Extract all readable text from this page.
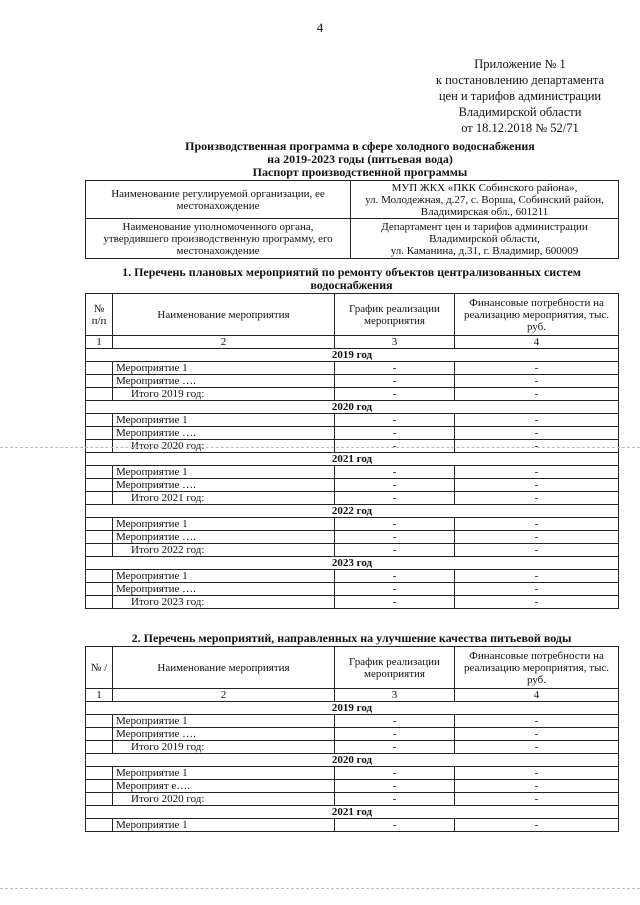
4
Приложение № 1
к постановлению департамента
цен и тарифов администрации
Владимирской области
от 18.12.2018 № 52/71
Производственная программа в сфере холодного водоснабжения
на 2019-2023 годы (питьевая вода)
Паспорт производственной программы
Наименование регулируемой организации, ее местонахождение	МУП ЖКХ «ПКК Собинского района»,
ул. Молодежная, д.27, с. Ворша, Собинский район,
Владимирская обл., 601211

Наименование уполномоченного органа, утвердившего производственную программу, его местонахождение	Департамент цен и тарифов администрации
Владимирской области,
ул. Каманина, д.31, г. Владимир, 600009
1. Перечень плановых мероприятий по ремонту объектов централизованных систем водоснабжения
№ п/п	Наименование мероприятия	График реализации мероприятия	Финансовые потребности на реализацию мероприятия, тыс. руб.
1	2	3	4
2019 год			
	Мероприятие 1	-	-
	Мероприятие ….	-	-
	Итого 2019 год:	-	-
2020 год			
	Мероприятие 1	-	-
	Мероприятие ….	-	-
	Итого 2020 год:	-	-
2021 год			
	Мероприятие 1	-	-
	Мероприятие ….	-	-
	Итого 2021 год:	-	-
2022 год			
	Мероприятие 1	-	-
	Мероприятие ….	-	-
	Итого 2022 год:	-	-
2023 год			
	Мероприятие 1	-	-
	Мероприятие ….	-	-
	Итого 2023 год:	-	-
2. Перечень мероприятий, направленных на улучшение качества питьевой воды
№ /	Наименование мероприятия	График реализации мероприятия	Финансовые потребности на реализацию мероприятия, тыс. руб.
1	2	3	4
2019 год			
	Мероприятие 1	-	-
	Мероприятие ….	-	-
	Итого 2019 год:	-	-
2020 год			
	Мероприятие 1	-	-
	Мероприят е….	-	-
	Итого 2020 год:	-	-
2021 год			
	Мероприятие 1	-	-
